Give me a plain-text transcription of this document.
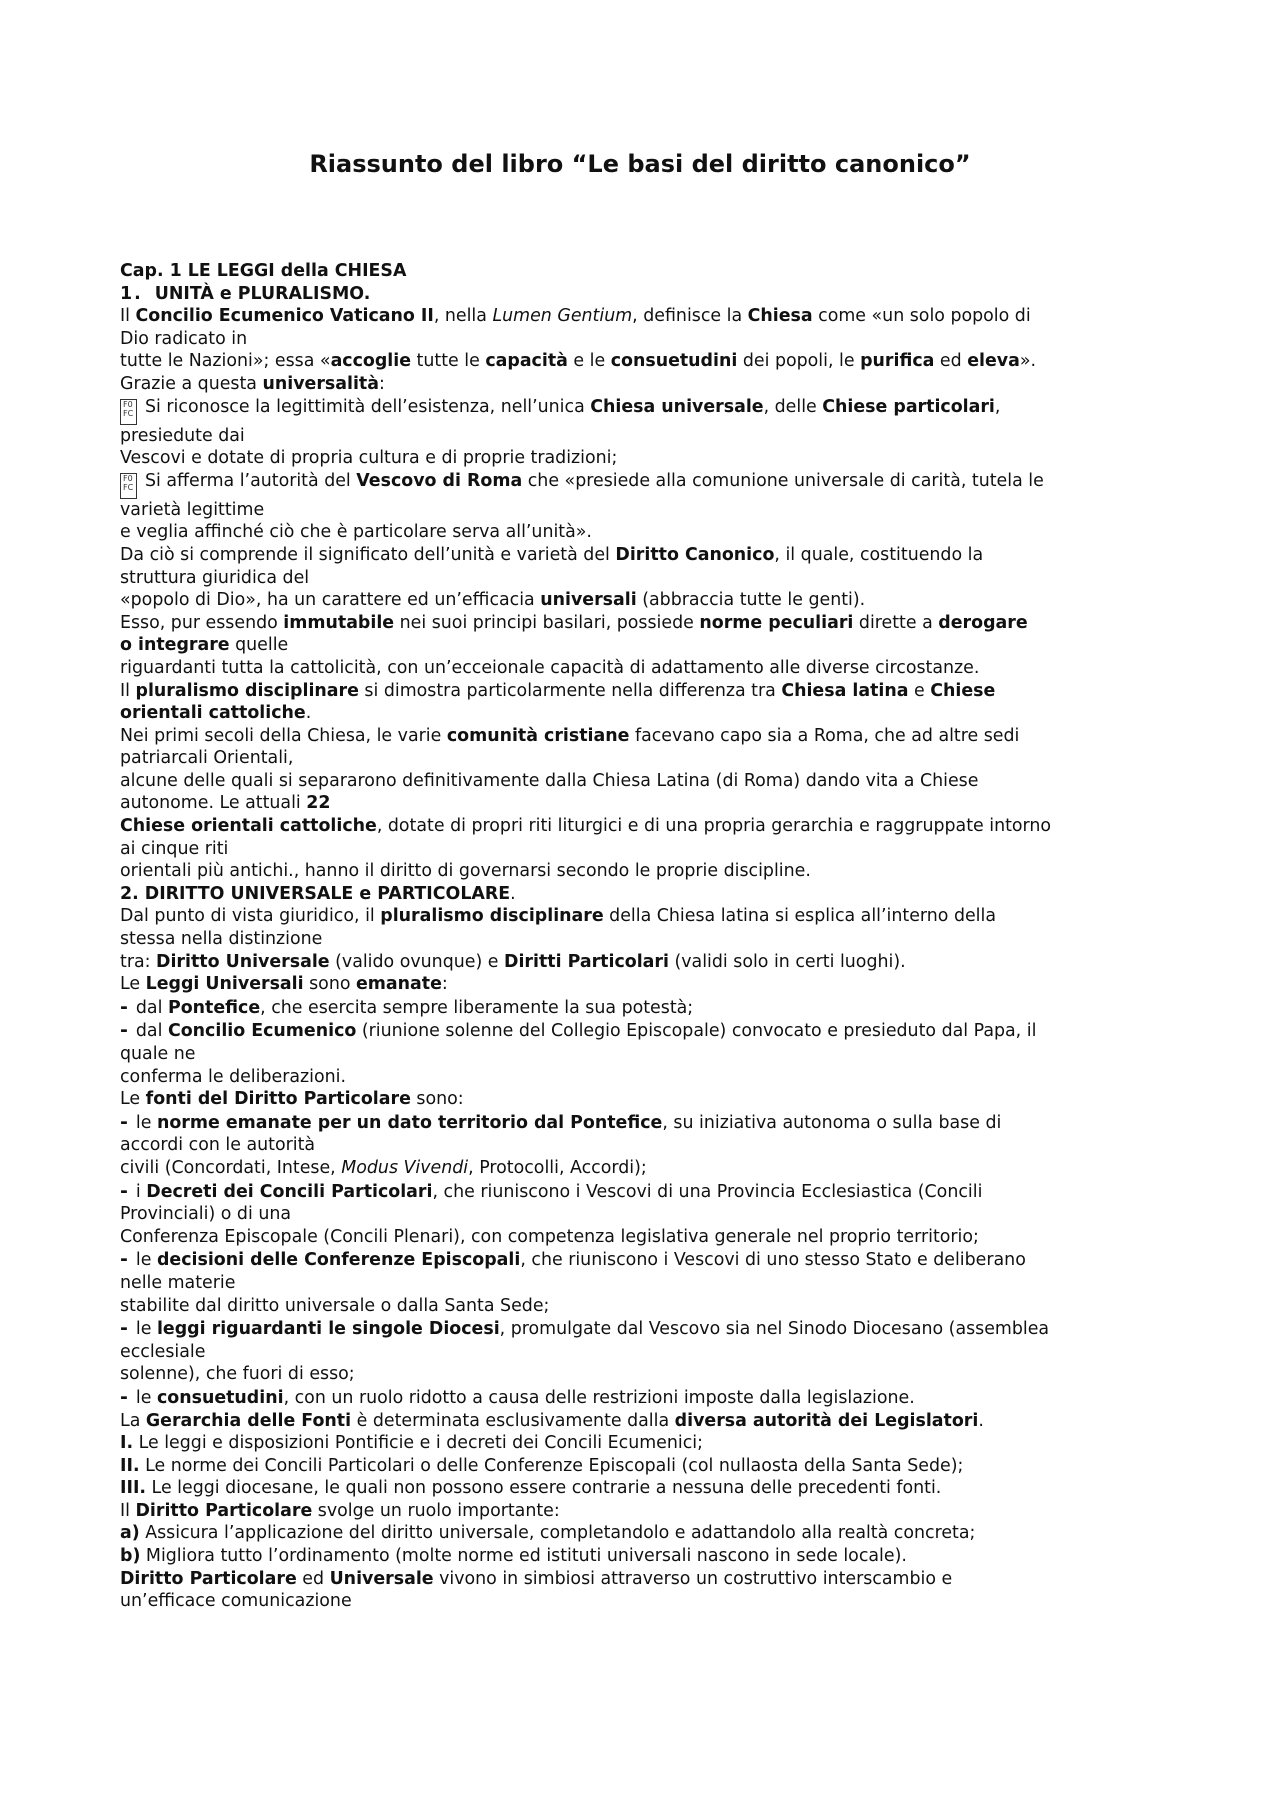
Riassunto del libro “Le basi del diritto canonico”

Cap. 1 LE LEGGI della CHIESA

1. UNITÀ e PLURALISMO.

Il Concilio Ecumenico Vaticano II, nella Lumen Gentium, definisce la Chiesa come «un solo popolo di

Dio radicato in

tutte le Nazioni»; essa «accoglie tutte le capacità e le consuetudini dei popoli, le purifica ed eleva».

Grazie a questa universalità:

F0
FC Si riconosce la legittimità dell’esistenza, nell’unica Chiesa universale, delle Chiese particolari,

presiedute dai

Vescovi e dotate di propria cultura e di proprie tradizioni;

F0
FC Si afferma l’autorità del Vescovo di Roma che «presiede alla comunione universale di carità, tutela le

varietà legittime

e veglia affinché ciò che è particolare serva all’unità».

Da ciò si comprende il significato dell’unità e varietà del Diritto Canonico, il quale, costituendo la

struttura giuridica del

«popolo di Dio», ha un carattere ed un’efficacia universali (abbraccia tutte le genti).

Esso, pur essendo immutabile nei suoi principi basilari, possiede norme peculiari dirette a derogare

o integrare quelle

riguardanti tutta la cattolicità, con un’ecceionale capacità di adattamento alle diverse circostanze.

Il pluralismo disciplinare si dimostra particolarmente nella differenza tra Chiesa latina e Chiese

orientali cattoliche.

Nei primi secoli della Chiesa, le varie comunità cristiane facevano capo sia a Roma, che ad altre sedi

patriarcali Orientali,

alcune delle quali si separarono definitivamente dalla Chiesa Latina (di Roma) dando vita a Chiese

autonome. Le attuali 22

Chiese orientali cattoliche, dotate di propri riti liturgici e di una propria gerarchia e raggruppate intorno

ai cinque riti

orientali più antichi., hanno il diritto di governarsi secondo le proprie discipline.

2. DIRITTO UNIVERSALE e PARTICOLARE.

Dal punto di vista giuridico, il pluralismo disciplinare della Chiesa latina si esplica all’interno della

stessa nella distinzione

tra: Diritto Universale (valido ovunque) e Diritti Particolari (validi solo in certi luoghi).

Le Leggi Universali sono emanate:

- dal Pontefice, che esercita sempre liberamente la sua potestà;

- dal Concilio Ecumenico (riunione solenne del Collegio Episcopale) convocato e presieduto dal Papa, il

quale ne

conferma le deliberazioni.

Le fonti del Diritto Particolare sono:

- le norme emanate per un dato territorio dal Pontefice, su iniziativa autonoma o sulla base di

accordi con le autorità

civili (Concordati, Intese, Modus Vivendi, Protocolli, Accordi);

- i Decreti dei Concili Particolari, che riuniscono i Vescovi di una Provincia Ecclesiastica (Concili

Provinciali) o di una

Conferenza Episcopale (Concili Plenari), con competenza legislativa generale nel proprio territorio;

- le decisioni delle Conferenze Episcopali, che riuniscono i Vescovi di uno stesso Stato e deliberano

nelle materie

stabilite dal diritto universale o dalla Santa Sede;

- le leggi riguardanti le singole Diocesi, promulgate dal Vescovo sia nel Sinodo Diocesano (assemblea

ecclesiale

solenne), che fuori di esso;

- le consuetudini, con un ruolo ridotto a causa delle restrizioni imposte dalla legislazione.

La Gerarchia delle Fonti è determinata esclusivamente dalla diversa autorità dei Legislatori.

I. Le leggi e disposizioni Pontificie e i decreti dei Concili Ecumenici;

II. Le norme dei Concili Particolari o delle Conferenze Episcopali (col nullaosta della Santa Sede);

III. Le leggi diocesane, le quali non possono essere contrarie a nessuna delle precedenti fonti.

Il Diritto Particolare svolge un ruolo importante:

a) Assicura l’applicazione del diritto universale, completandolo e adattandolo alla realtà concreta;

b) Migliora tutto l’ordinamento (molte norme ed istituti universali nascono in sede locale).

Diritto Particolare ed Universale vivono in simbiosi attraverso un costruttivo interscambio e

un’efficace comunicazione
